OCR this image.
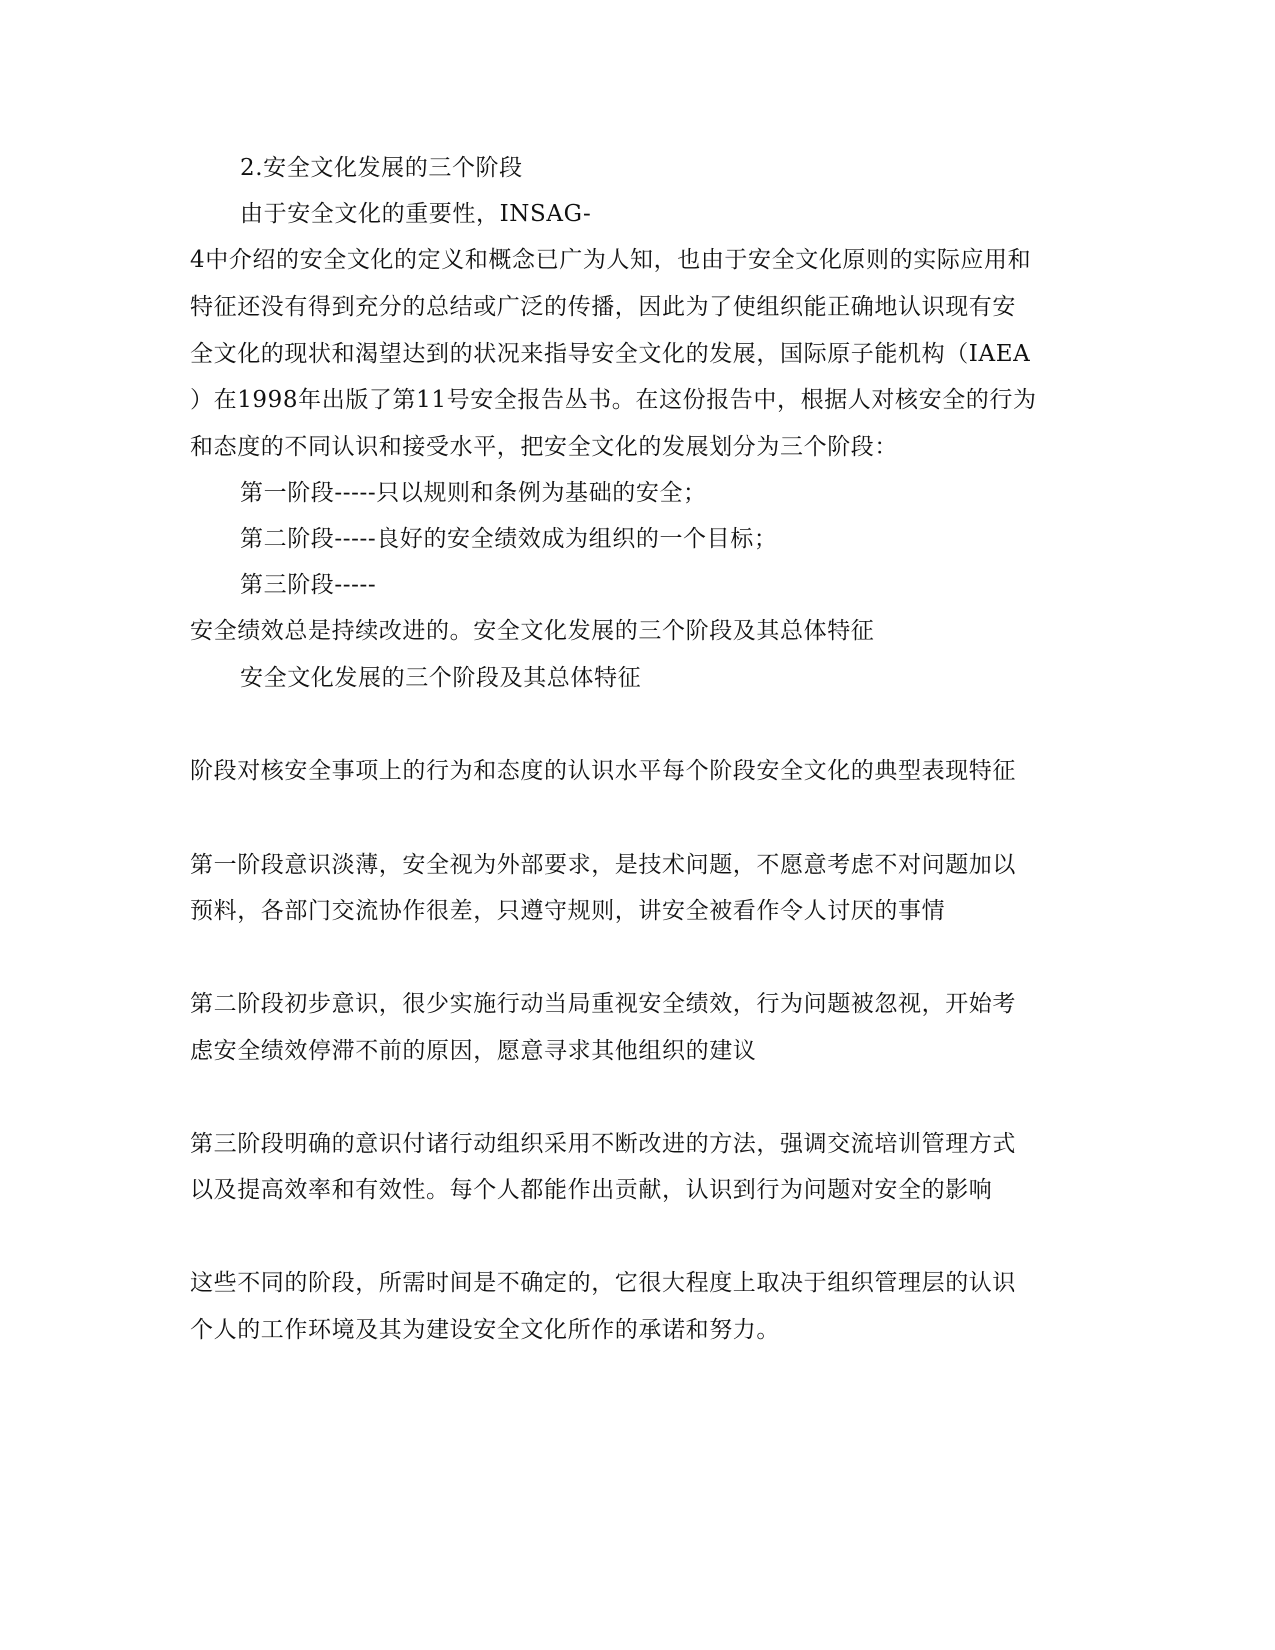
2.安全文化发展的三个阶段
由于安全文化的重要性，INSAG-
4中介绍的安全文化的定义和概念已广为人知，也由于安全文化原则的实际应用和
特征还没有得到充分的总结或广泛的传播，因此为了使组织能正确地认识现有安
全文化的现状和渴望达到的状况来指导安全文化的发展，国际原子能机构（IAEA
）在1998年出版了第11号安全报告丛书。在这份报告中，根据人对核安全的行为
和态度的不同认识和接受水平，把安全文化的发展划分为三个阶段：
第一阶段-----只以规则和条例为基础的安全；
第二阶段-----良好的安全绩效成为组织的一个目标；
第三阶段-----
安全绩效总是持续改进的。安全文化发展的三个阶段及其总体特征
安全文化发展的三个阶段及其总体特征
阶段对核安全事项上的行为和态度的认识水平每个阶段安全文化的典型表现特征
第一阶段意识淡薄，安全视为外部要求，是技术问题，不愿意考虑不对问题加以
预料，各部门交流协作很差，只遵守规则，讲安全被看作令人讨厌的事情
第二阶段初步意识，很少实施行动当局重视安全绩效，行为问题被忽视，开始考
虑安全绩效停滞不前的原因，愿意寻求其他组织的建议
第三阶段明确的意识付诸行动组织采用不断改进的方法，强调交流培训管理方式
以及提高效率和有效性。每个人都能作出贡献，认识到行为问题对安全的影响
这些不同的阶段，所需时间是不确定的，它很大程度上取决于组织管理层的认识
个人的工作环境及其为建设安全文化所作的承诺和努力。
